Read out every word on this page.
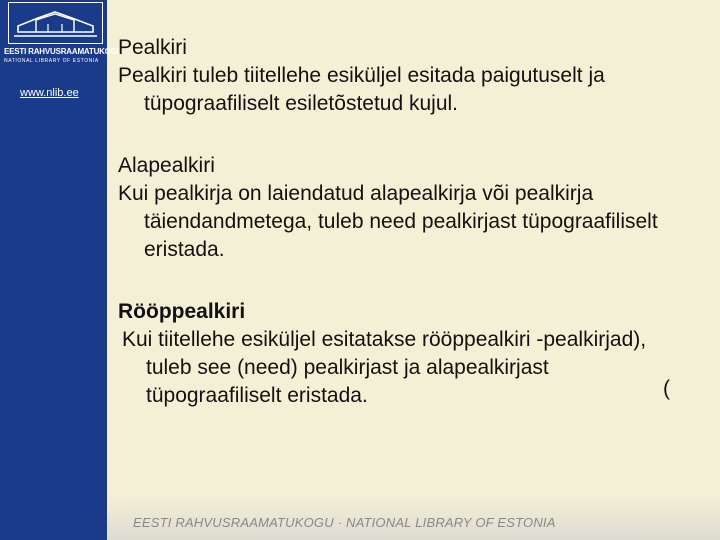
EESTI RAHVUSRAAMATUKOGU
NATIONAL LIBRARY OF ESTONIA
www.nlib.ee
Pealkiri
Pealkiri tuleb tiitellehe esiküljel esitada paigutuselt ja tüpograafiliselt esiletõstetud kujul.
Alapealkiri
Kui pealkirja on laiendatud alapealkirja või pealkirja täiendandmetega, tuleb need pealkirjast tüpograafiliselt eristada.
Rööppealkiri
Kui tiitellehe esiküljel esitatakse rööppealkiri -pealkirjad), tuleb see (need) pealkirjast ja alapealkirjast tüpograafiliselt eristada.	(
EESTI RAHVUSRAAMATUKOGU · NATIONAL LIBRARY OF ESTONIA
